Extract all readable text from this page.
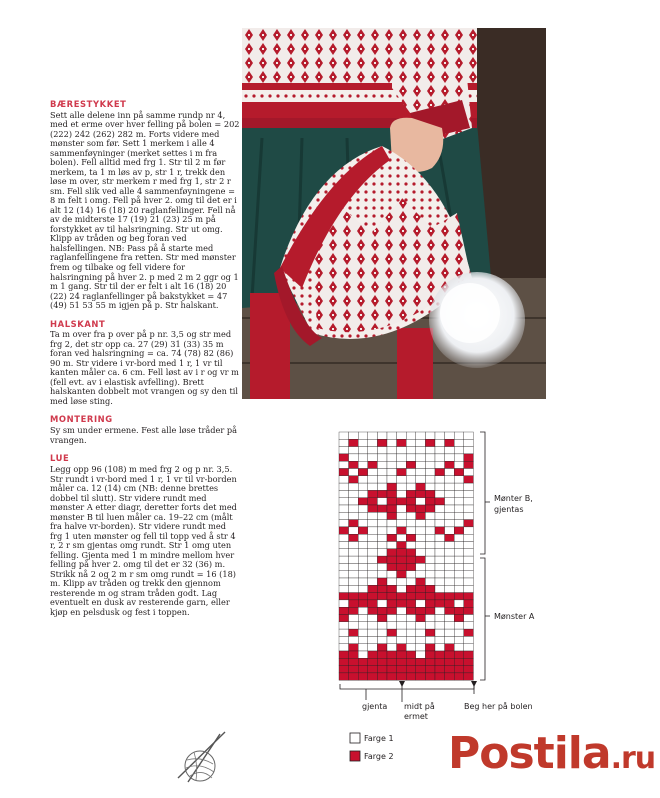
BÆRESTYKKET
Sett alle delene inn på samme rundp nr 4, med et erme over hver felling på bolen = 202 (222) 242 (262) 282 m. Forts videre med mønster som før. Sett 1 merkem i alle 4 sammenføyninger (merket settes i m fra bolen). Fell alltid med frg 1. Str til 2 m før merkem, ta 1 m løs av p, str 1 r, trekk den løse m over, str merkem r med frg 1, str 2 r sm. Fell slik ved alle 4 sammenføyningene = 8 m felt i omg. Fell på hver 2. omg til det er i alt 12 (14) 16 (18) 20 raglanfellinger. Fell nå av de midterste 17 (19) 21 (23) 25 m på forstykket av til halsringning. Str ut omg. Klipp av tråden og beg foran ved halsfellingen. NB: Pass på å starte med raglanfellingene fra retten. Str med mønster frem og tilbake og fell videre for halsringning på hver 2. p med 2 m 2 ggr og 1 m 1 gang. Str til der er felt i alt 16 (18) 20 (22) 24 raglanfellinger på bakstykket = 47 (49) 51 53 55 m igjen på p. Str halskant.
HALSKANT
Ta m over fra p over på p nr. 3,5 og str med frg 2, det str opp ca. 27 (29) 31 (33) 35 m foran ved halsringning = ca. 74 (78) 82 (86) 90 m. Str videre i vr-bord med 1 r, 1 vr til kanten måler ca. 6 cm. Fell løst av i r og vr m (fell evt. av i elastisk avfelling). Brett halskanten dobbelt mot vrangen og sy den til med løse sting.
MONTERING
Sy sm under ermene. Fest alle løse tråder på vrangen.
LUE
Legg opp 96 (108) m med frg 2 og p nr. 3,5. Str rundt i vr-bord med 1 r, 1 vr til vr-borden måler ca. 12 (14) cm (NB: denne brettes dobbel til slutt). Str videre rundt med mønster A etter diagr, deretter forts det med mønster B til luen måler ca. 19–22 cm (målt fra halve vr-borden). Str videre rundt med frg 1 uten mønster og fell til topp ved å str 4 r, 2 r sm gjentas omg rundt. Str 1 omg uten felling. Gjenta med 1 m mindre mellom hver felling på hver 2. omg til det er 32 (36) m. Strikk nå 2 og 2 m r sm omg rundt = 16 (18) m. Klipp av tråden og trekk den gjennom resterende m og stram tråden godt. Lag eventuelt en dusk av resterende garn, eller kjøp en pelsdusk og fest i toppen.
Mønter B,
gjentas
Mønster A
gjenta midt på
ermet
Beg her på bolen
Farge 1
Farge 2 Postila.ru
